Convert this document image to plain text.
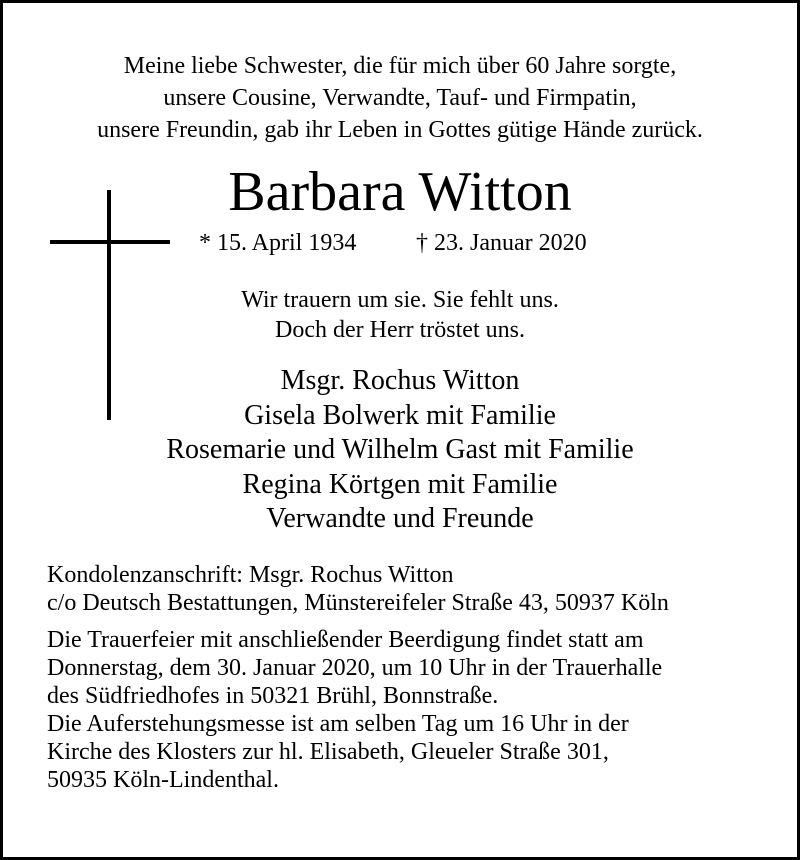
Meine liebe Schwester, die für mich über 60 Jahre sorgte,
unsere Cousine, Verwandte, Tauf- und Firmpatin,
unsere Freundin, gab ihr Leben in Gottes gütige Hände zurück.
Barbara Witton
* 15. April 1934 † 23. Januar 2020
Wir trauern um sie. Sie fehlt uns.
Doch der Herr tröstet uns.
Msgr. Rochus Witton
Gisela Bolwerk mit Familie
Rosemarie und Wilhelm Gast mit Familie
Regina Körtgen mit Familie
Verwandte und Freunde
Kondolenzanschrift: Msgr. Rochus Witton
c/o Deutsch Bestattungen, Münstereifeler Straße 43, 50937 Köln
Die Trauerfeier mit anschließender Beerdigung findet statt am
Donnerstag, dem 30. Januar 2020, um 10 Uhr in der Trauerhalle
des Südfriedhofes in 50321 Brühl, Bonnstraße.
Die Auferstehungsmesse ist am selben Tag um 16 Uhr in der
Kirche des Klosters zur hl. Elisabeth, Gleueler Straße 301,
50935 Köln-Lindenthal.
